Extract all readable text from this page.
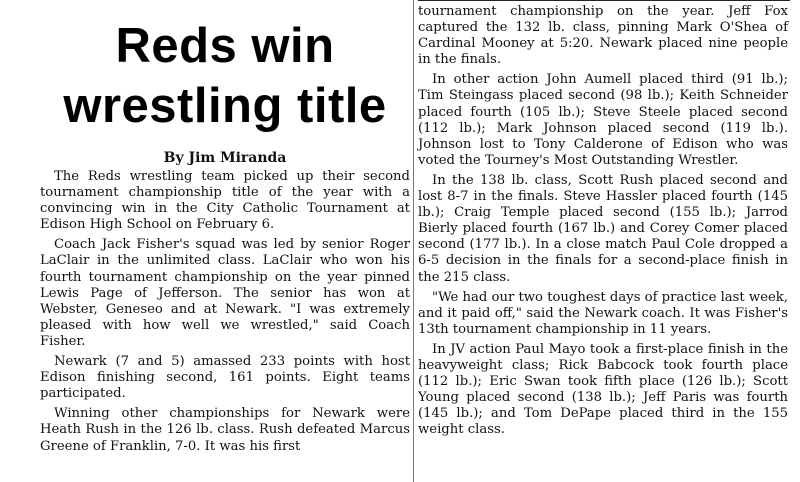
Reds win
wrestling title
By Jim Miranda

The Reds wrestling team picked up their second tournament championship title of the year with a convincing win in the City Catholic Tournament at Edison High School on February 6.

Coach Jack Fisher's squad was led by senior Roger LaClair in the unlimited class. LaClair who won his fourth tournament championship on the year pinned Lewis Page of Jefferson. The senior has won at Webster, Geneseo and at Newark. "I was extremely pleased with how well we wrestled," said Coach Fisher.

Newark (7 and 5) amassed 233 points with host Edison finishing second, 161 points. Eight teams participated.

Winning other championships for Newark were Heath Rush in the 126 lb. class. Rush defeated Marcus Greene of Franklin, 7-0. It was his first

tournament championship on the year. Jeff Fox captured the 132 lb. class, pinning Mark O'Shea of Cardinal Mooney at 5:20. Newark placed nine people in the finals.

In other action John Aumell placed third (91 lb.); Tim Steingass placed second (98 lb.); Keith Schneider placed fourth (105 lb.); Steve Steele placed second (112 lb.); Mark Johnson placed second (119 lb.). Johnson lost to Tony Calderone of Edison who was voted the Tourney's Most Outstanding Wrestler.

In the 138 lb. class, Scott Rush placed second and lost 8-7 in the finals. Steve Hassler placed fourth (145 lb.); Craig Temple placed second (155 lb.); Jarrod Bierly placed fourth (167 lb.) and Corey Comer placed second (177 lb.). In a close match Paul Cole dropped a 6-5 decision in the finals for a second-place finish in the 215 class.

"We had our two toughest days of practice last week, and it paid off," said the Newark coach. It was Fisher's 13th tournament championship in 11 years.

In JV action Paul Mayo took a first-place finish in the heavyweight class; Rick Babcock took fourth place (112 lb.); Eric Swan took fifth place (126 lb.); Scott Young placed second (138 lb.); Jeff Paris was fourth (145 lb.); and Tom DePape placed third in the 155 weight class.
